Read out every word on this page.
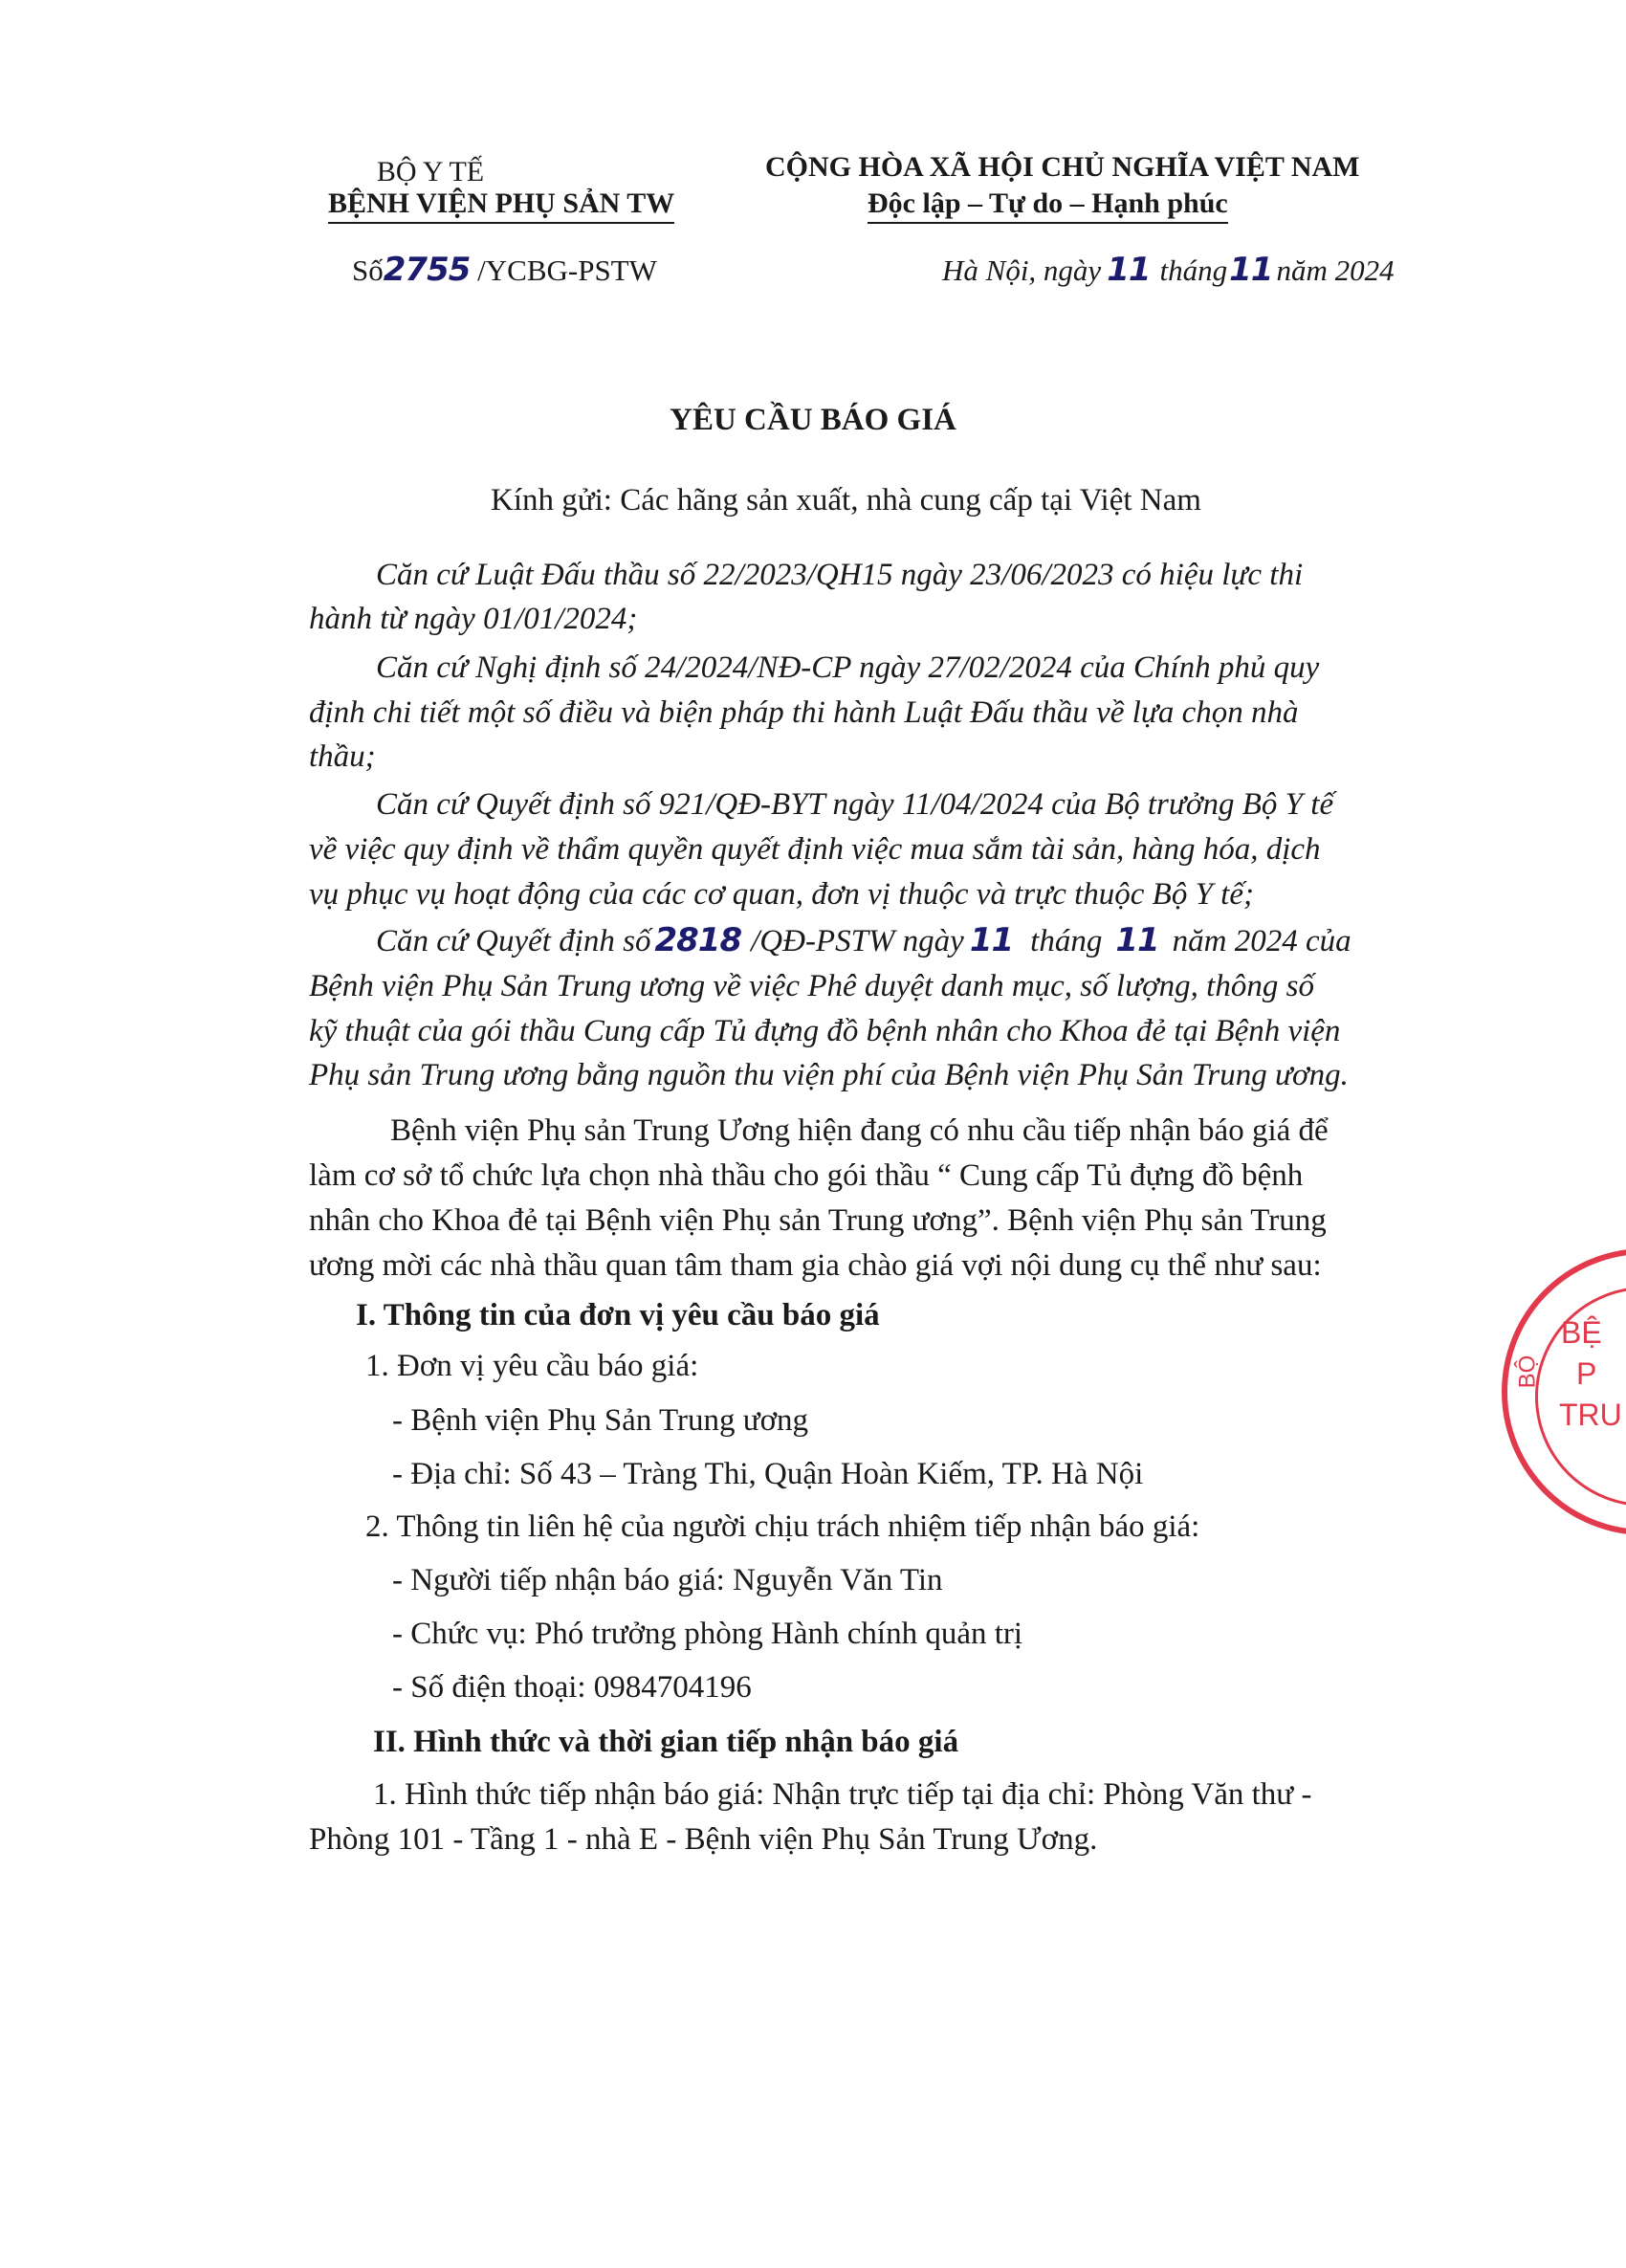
BỘ Y TẾ
BỆNH VIỆN PHỤ SẢN TW
CỘNG HÒA XÃ HỘI CHỦ NGHĨA VIỆT NAM
Độc lập – Tự do – Hạnh phúc
Số2755 /YCBG-PSTW	Hà Nội, ngày 11 tháng11 năm 2024
YÊU CẦU BÁO GIÁ
Kính gửi: Các hãng sản xuất, nhà cung cấp tại Việt Nam
Căn cứ Luật Đấu thầu số 22/2023/QH15 ngày 23/06/2023 có hiệu lực thi
hành từ ngày 01/01/2024;
Căn cứ Nghị định số 24/2024/NĐ-CP ngày 27/02/2024 của Chính phủ quy
định chi tiết một số điều và biện pháp thi hành Luật Đấu thầu về lựa chọn nhà
thầu;
Căn cứ Quyết định số 921/QĐ-BYT ngày 11/04/2024 của Bộ trưởng Bộ Y tế
về việc quy định về thẩm quyền quyết định việc mua sắm tài sản, hàng hóa, dịch
vụ phục vụ hoạt động của các cơ quan, đơn vị thuộc và trực thuộc Bộ Y tế;
Căn cứ Quyết định số 2818 /QĐ-PSTW ngày 11 tháng 11 năm 2024 của
Bệnh viện Phụ Sản Trung ương về việc Phê duyệt danh mục, số lượng, thông số
kỹ thuật của gói thầu Cung cấp Tủ đựng đồ bệnh nhân cho Khoa đẻ tại Bệnh viện
Phụ sản Trung ương bằng nguồn thu viện phí của Bệnh viện Phụ Sản Trung ương.
Bệnh viện Phụ sản Trung Ương hiện đang có nhu cầu tiếp nhận báo giá để
làm cơ sở tổ chức lựa chọn nhà thầu cho gói thầu “ Cung cấp Tủ đựng đồ bệnh
nhân cho Khoa đẻ tại Bệnh viện Phụ sản Trung ương”. Bệnh viện Phụ sản Trung
ương mời các nhà thầu quan tâm tham gia chào giá vợi nội dung cụ thể như sau:
I. Thông tin của đơn vị yêu cầu báo giá
1. Đơn vị yêu cầu báo giá:
- Bệnh viện Phụ Sản Trung ương
- Địa chỉ: Số 43 – Tràng Thi, Quận Hoàn Kiếm, TP. Hà Nội
2. Thông tin liên hệ của người chịu trách nhiệm tiếp nhận báo giá:
- Người tiếp nhận báo giá: Nguyễn Văn Tin
- Chức vụ: Phó trưởng phòng Hành chính quản trị
- Số điện thoại: 0984704196
II. Hình thức và thời gian tiếp nhận báo giá
1. Hình thức tiếp nhận báo giá: Nhận trực tiếp tại địa chỉ: Phòng Văn thư -
Phòng 101 - Tầng 1 - nhà E - Bệnh viện Phụ Sản Trung Ương.
BỆ
P
TRU
BỘ
